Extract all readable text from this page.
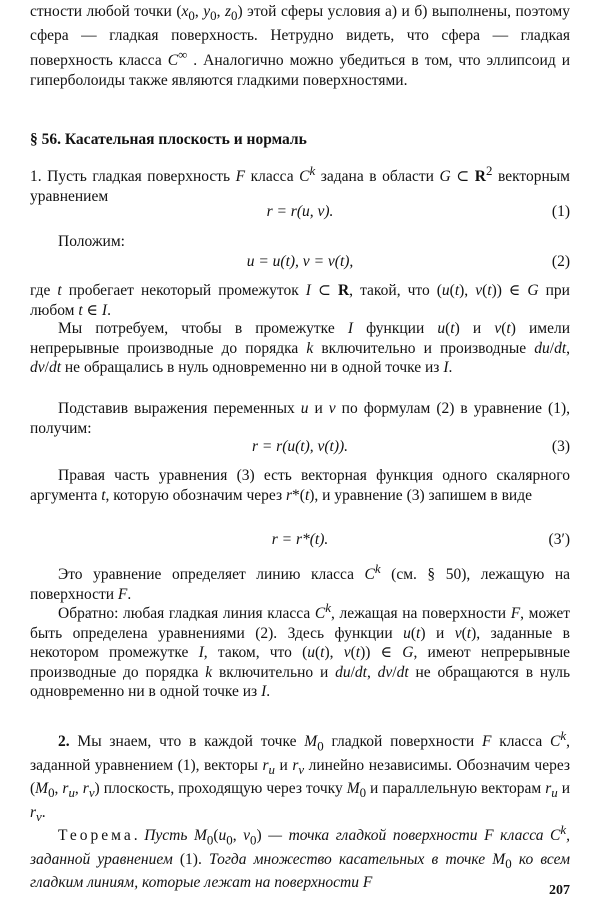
стности любой точки ($x_0$, $y_0$, $z_0$) этой сферы условия а) и б) выполнены, поэтому сфера — гладкая поверхность. Нетрудно видеть, что сфера — гладкая поверхность класса C∞ . Аналогично можно убедиться в том, что эллипсоид и гиперболоиды также являются гладкими поверхностями.
§ 56. Касательная плоскость и нормаль
1. Пусть гладкая поверхность F класса $C^k$ задана в области G ⊂ $R^2$ векторным уравнением
r = r(u, v).	(1)
Положим:
u = u(t), v = v(t),	(2)
где t пробегает некоторый промежуток I ⊂ R, такой, что (u(t), v(t)) ∈ G при любом t ∈ I.
Мы потребуем, чтобы в промежутке I функции u(t) и v(t) имели непрерывные производные до порядка k включительно и производные du/dt, dv/dt не обращались в нуль одновременно ни в одной точке из I.
Подставив выражения переменных u и v по формулам (2) в уравнение (1), получим:
r = r(u(t), v(t)).	(3)
Правая часть уравнения (3) есть векторная функция одного скалярного аргумента t, которую обозначим через r*(t), и уравнение (3) запишем в виде
r = r*(t).	(3′)
Это уравнение определяет линию класса $C^k$ (см. § 50), лежащую на поверхности F.
Обратно: любая гладкая линия класса $C^k$, лежащая на поверхности F, может быть определена уравнениями (2). Здесь функции u(t) и v(t), заданные в некотором промежутке I, таком, что (u(t), v(t)) ∈ G, имеют непрерывные производные до порядка k включительно и du/dt, dv/dt не обращаются в нуль одновременно ни в одной точке из I.
2. Мы знаем, что в каждой точке $M_0$ гладкой поверхности F класса $C^k$, заданной уравнением (1), векторы $r_u$ и $r_v$ линейно независимы. Обозначим через ($M_0$, $r_u$, $r_v$) плоскость, проходящую через точку $M_0$ и параллельную векторам $r_u$ и $r_v$.
Теорема. Пусть $M_0(u_0$, $v_0$) — точка гладкой поверхности F класса $C^k$, заданной уравнением (1). Тогда множество касательных в точке $M_0$ ко всем гладким линиям, которые лежат на поверхности F	207
